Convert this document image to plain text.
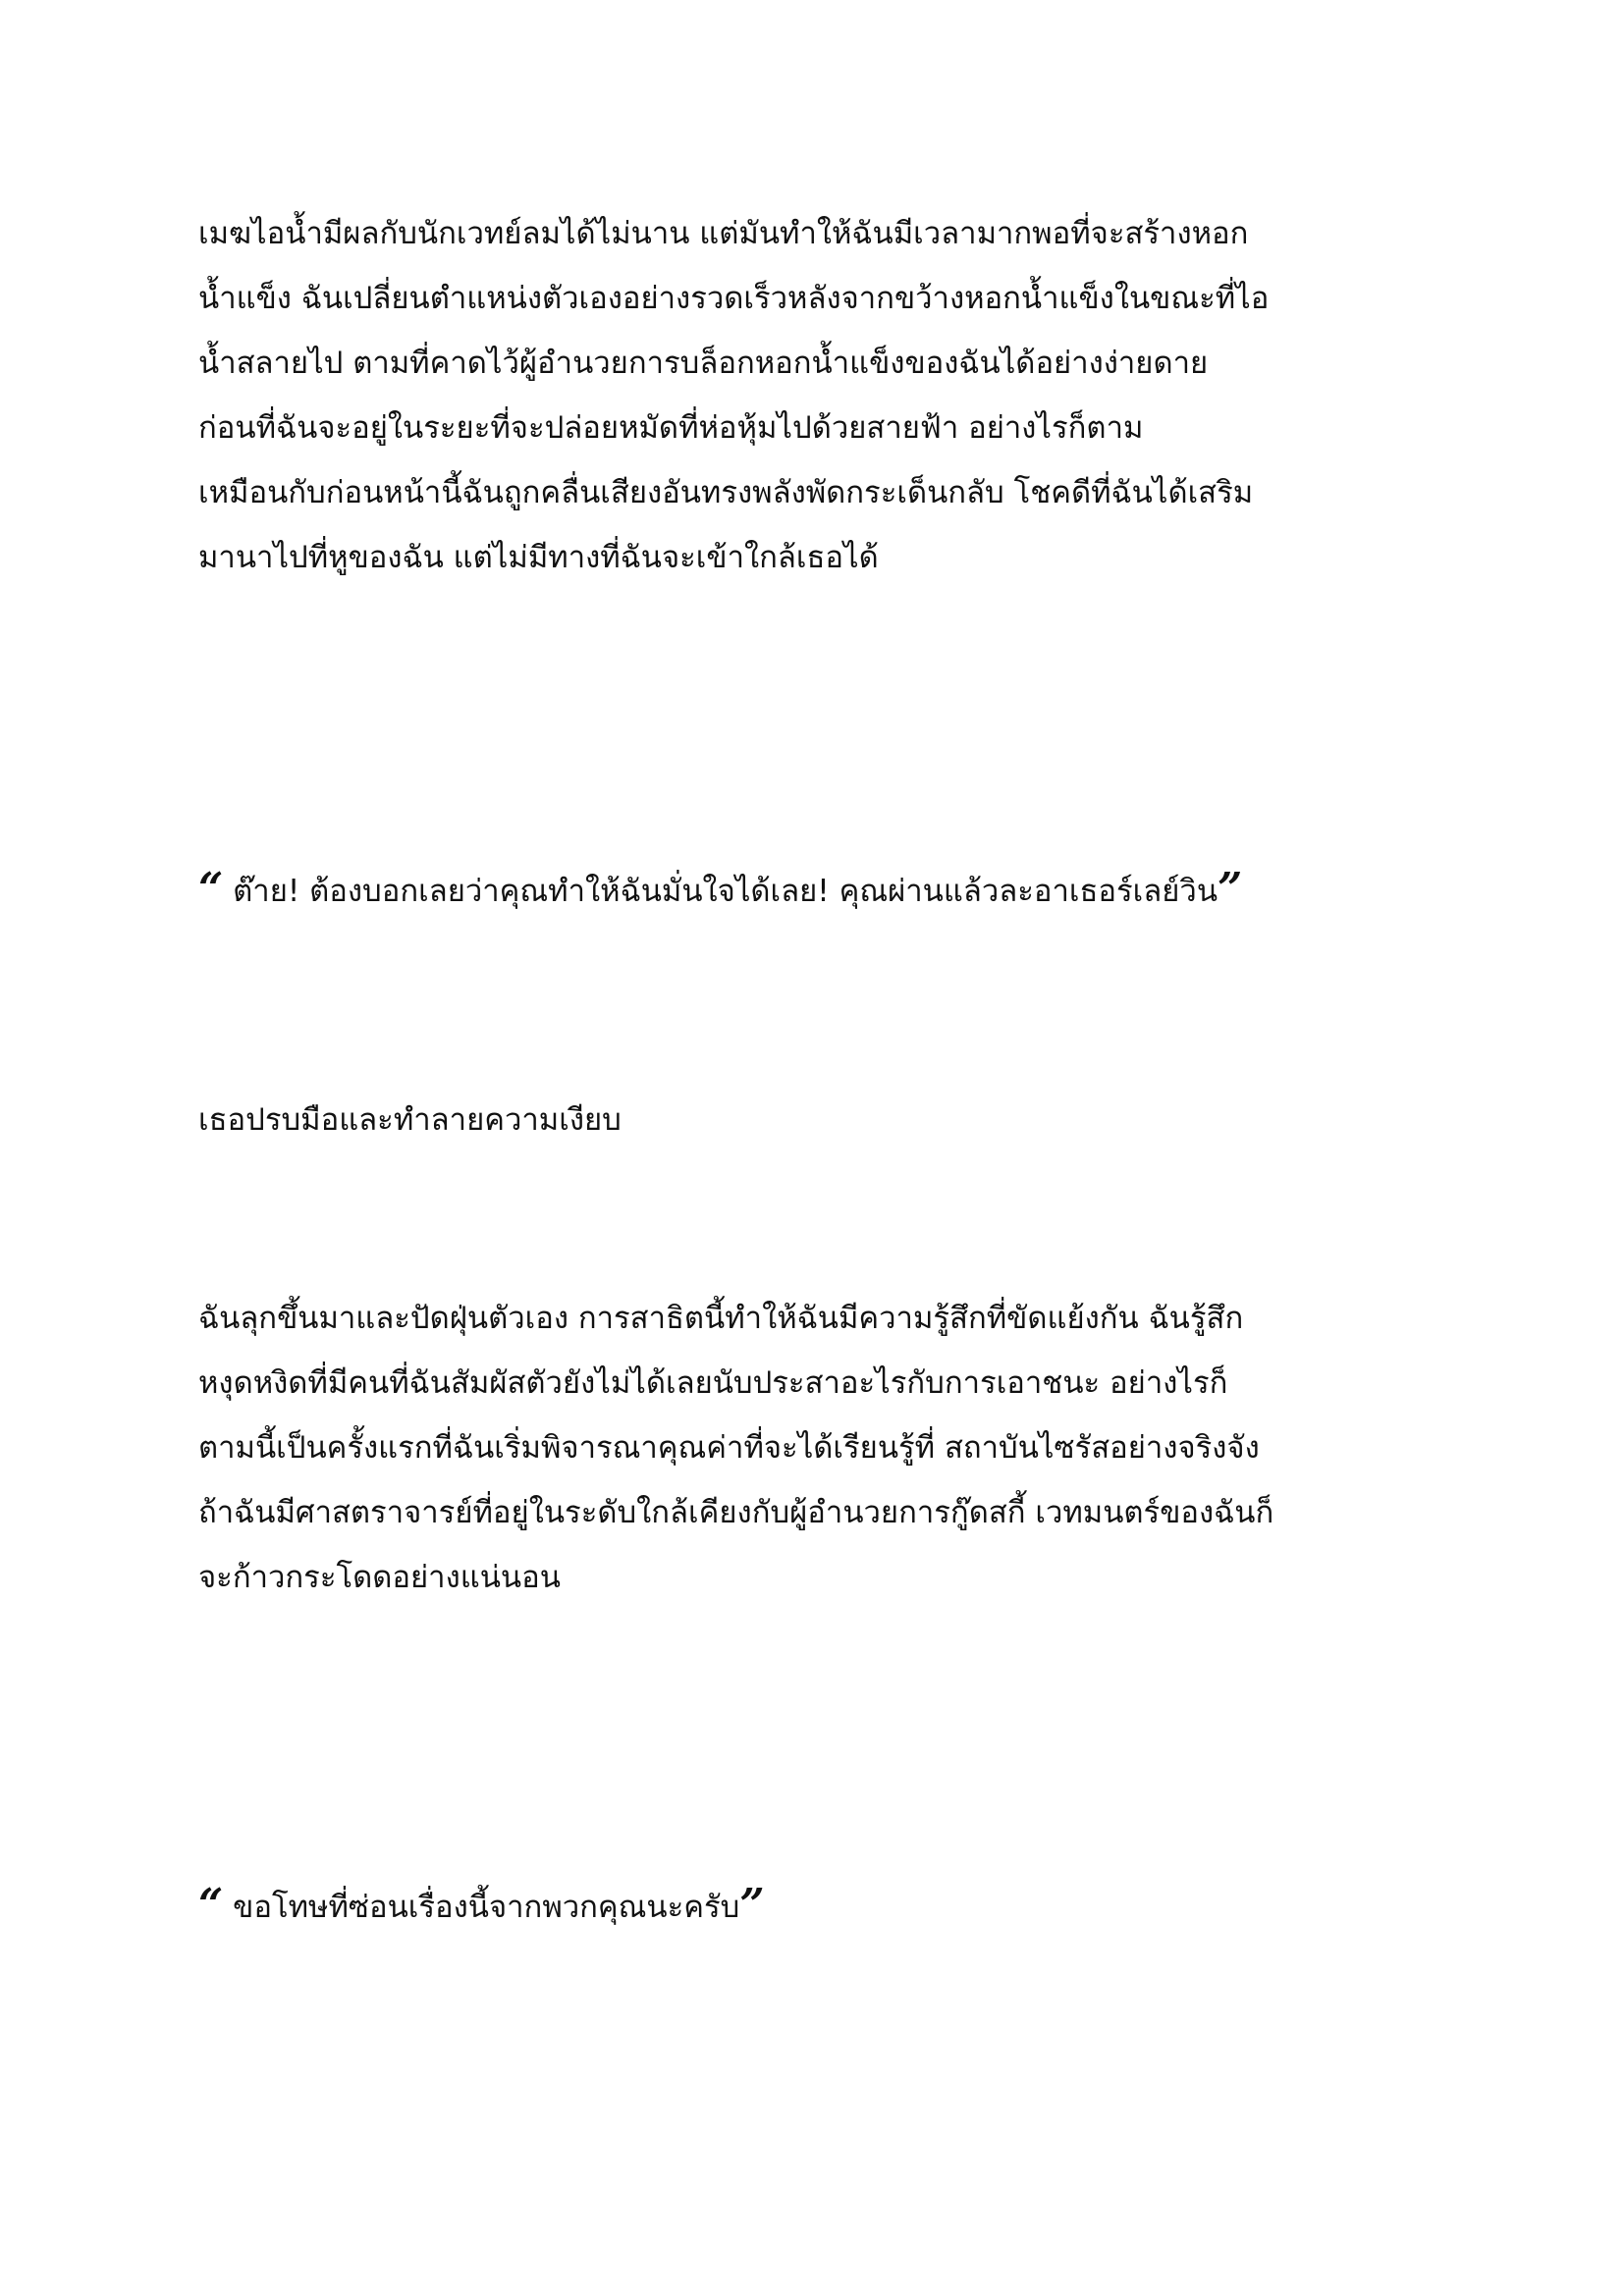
เมฆไอน้ำมีผลกับนักเวทย์ลมได้ไม่นาน แต่มันทำให้ฉันมีเวลามากพอที่จะสร้างหอก
น้ำแข็ง ฉันเปลี่ยนตำแหน่งตัวเองอย่างรวดเร็วหลังจากขว้างหอกน้ำแข็งในขณะที่ไอ
น้ำสลายไป ตามที่คาดไว้ผู้อำนวยการบล็อกหอกน้ำแข็งของฉันได้อย่างง่ายดาย
ก่อนที่ฉันจะอยู่ในระยะที่จะปล่อยหมัดที่ห่อหุ้มไปด้วยสายฟ้า อย่างไรก็ตาม
เหมือนกับก่อนหน้านี้ฉันถูกคลื่นเสียงอันทรงพลังพัดกระเด็นกลับ โชคดีที่ฉันได้เสริม
มานาไปที่หูของฉัน แต่ไม่มีทางที่ฉันจะเข้าใกล้เธอได้

“ ต๊าย! ต้องบอกเลยว่าคุณทำให้ฉันมั่นใจได้เลย! คุณผ่านแล้วละอาเธอร์เลย์วิน”

เธอปรบมือและทำลายความเงียบ

ฉันลุกขึ้นมาและปัดฝุ่นตัวเอง การสาธิตนี้ทำให้ฉันมีความรู้สึกที่ขัดแย้งกัน ฉันรู้สึก
หงุดหงิดที่มีคนที่ฉันสัมผัสตัวยังไม่ได้เลยนับประสาอะไรกับการเอาชนะ อย่างไรก็
ตามนี้เป็นครั้งแรกที่ฉันเริ่มพิจารณาคุณค่าที่จะได้เรียนรู้ที่ สถาบันไซรัสอย่างจริงจัง
ถ้าฉันมีศาสตราจารย์ที่อยู่ในระดับใกล้เคียงกับผู้อำนวยการกู๊ดสกี้ เวทมนตร์ของฉันก็
จะก้าวกระโดดอย่างแน่นอน

“ ขอโทษที่ซ่อนเรื่องนี้จากพวกคุณนะครับ”
